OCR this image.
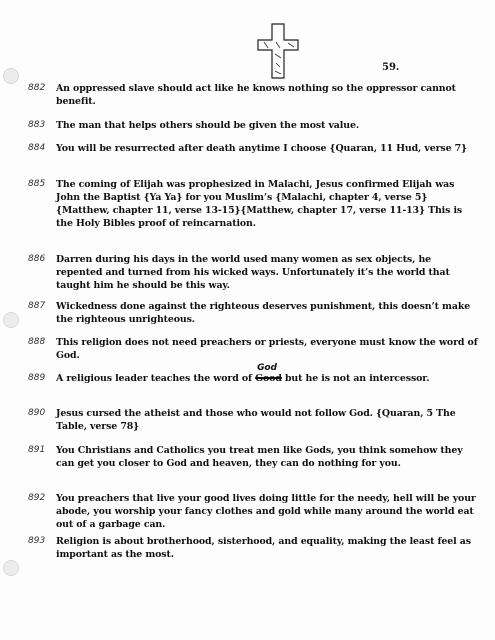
59.
882	An oppressed slave should act like he knows nothing so the oppressor cannot benefit.
883	The man that helps others should be given the most value.
884	You will be resurrected after death anytime I choose {Quaran, 11 Hud, verse 7}
885	The coming of Elijah was prophesized in Malachi, Jesus confirmed Elijah was John the Baptist {Ya Ya} for you Muslim’s {Malachi, chapter 4, verse 5}{Matthew, chapter 11, verse 13-15}{Matthew, chapter 17, verse 11-13} This is the Holy Bibles proof of reincarnation.
886	Darren during his days in the world used many women as sex objects, he repented and turned from his wicked ways. Unfortunately it’s the world that taught him he should be this way.
887	Wickedness done against the righteous deserves punishment, this doesn’t make the righteous unrighteous.
888	This religion does not need preachers or priests, everyone must know the word of God.
889	A religious leader teaches the word of Good
God
but he is not an intercessor.
890	Jesus cursed the atheist and those who would not follow God. {Quaran, 5 The Table, verse 78}
891	You Christians and Catholics you treat men like Gods, you think somehow they can get you closer to God and heaven, they can do nothing for you.
892	You preachers that live your good lives doing little for the needy, hell will be your abode, you worship your fancy clothes and gold while many around the world eat out of a garbage can.
893	Religion is about brotherhood, sisterhood, and equality, making the least feel as important as the most.
